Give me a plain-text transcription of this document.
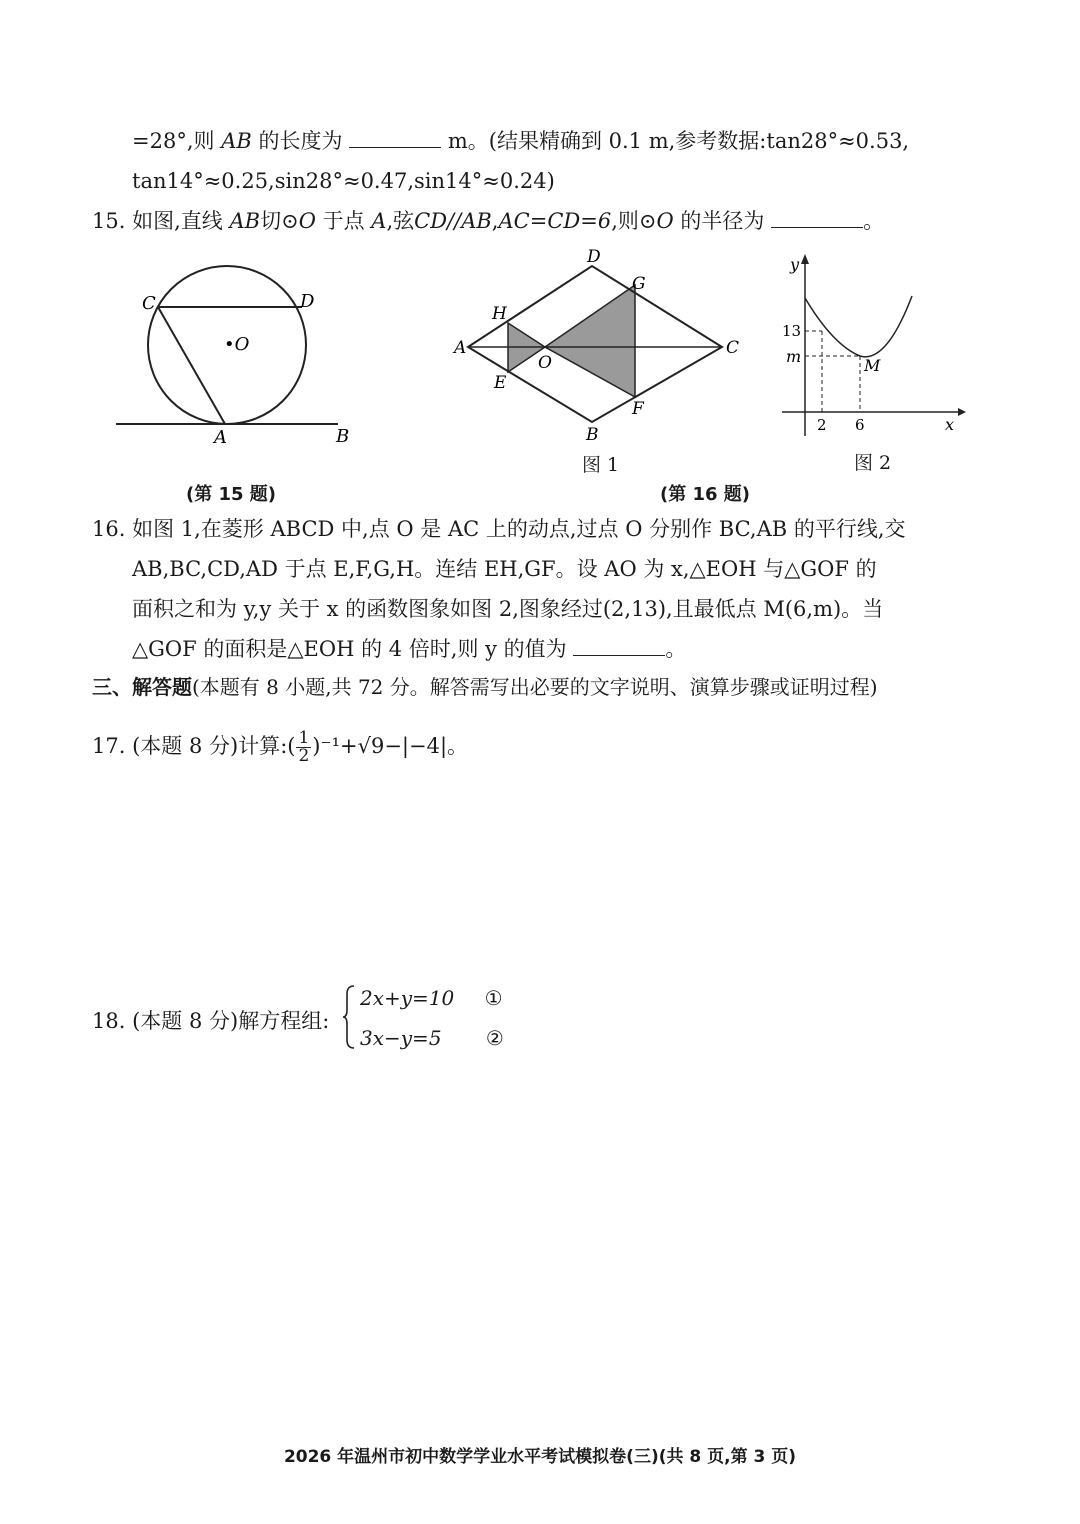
=28°,则 AB 的长度为	m。(结果精确到 0.1 m,参考数据:tan28°≈0.53,
tan14°≈0.25,sin28°≈0.47,sin14°≈0.24)
15. 如图,直线 AB切⊙O 于点 A,弦CD//AB,AC=CD=6,则⊙O 的半径为	。
C	D
•O
A	B
(第 15 题)
D
G
H
A
O
C
E
F
B
图 1
y
13
m	M
2 6	x
图 2
(第 16 题)
16. 如图 1,在菱形 ABCD 中,点 O 是 AC 上的动点,过点 O 分别作 BC,AB 的平行线,交
AB,BC,CD,AD 于点 E,F,G,H。连结 EH,GF。设 AO 为 x,△EOH 与△GOF 的
面积之和为 y,y 关于 x 的函数图象如图 2,图象经过(2,13),且最低点 M(6,m)。当
△GOF 的面积是△EOH 的 4 倍时,则 y 的值为	。
三、解答题(本题有 8 小题,共 72 分。解答需写出必要的文字说明、演算步骤或证明过程)
17. (本题 8 分)计算:( $\frac{1}{2} )^{-1}+√9-|-4|$。
18. (本题 8 分)解方程组:
2x+y=10 ①
3x−y=5 ②
2026 年温州市初中数学学业水平考试模拟卷(三)(共 8 页,第 3 页)
